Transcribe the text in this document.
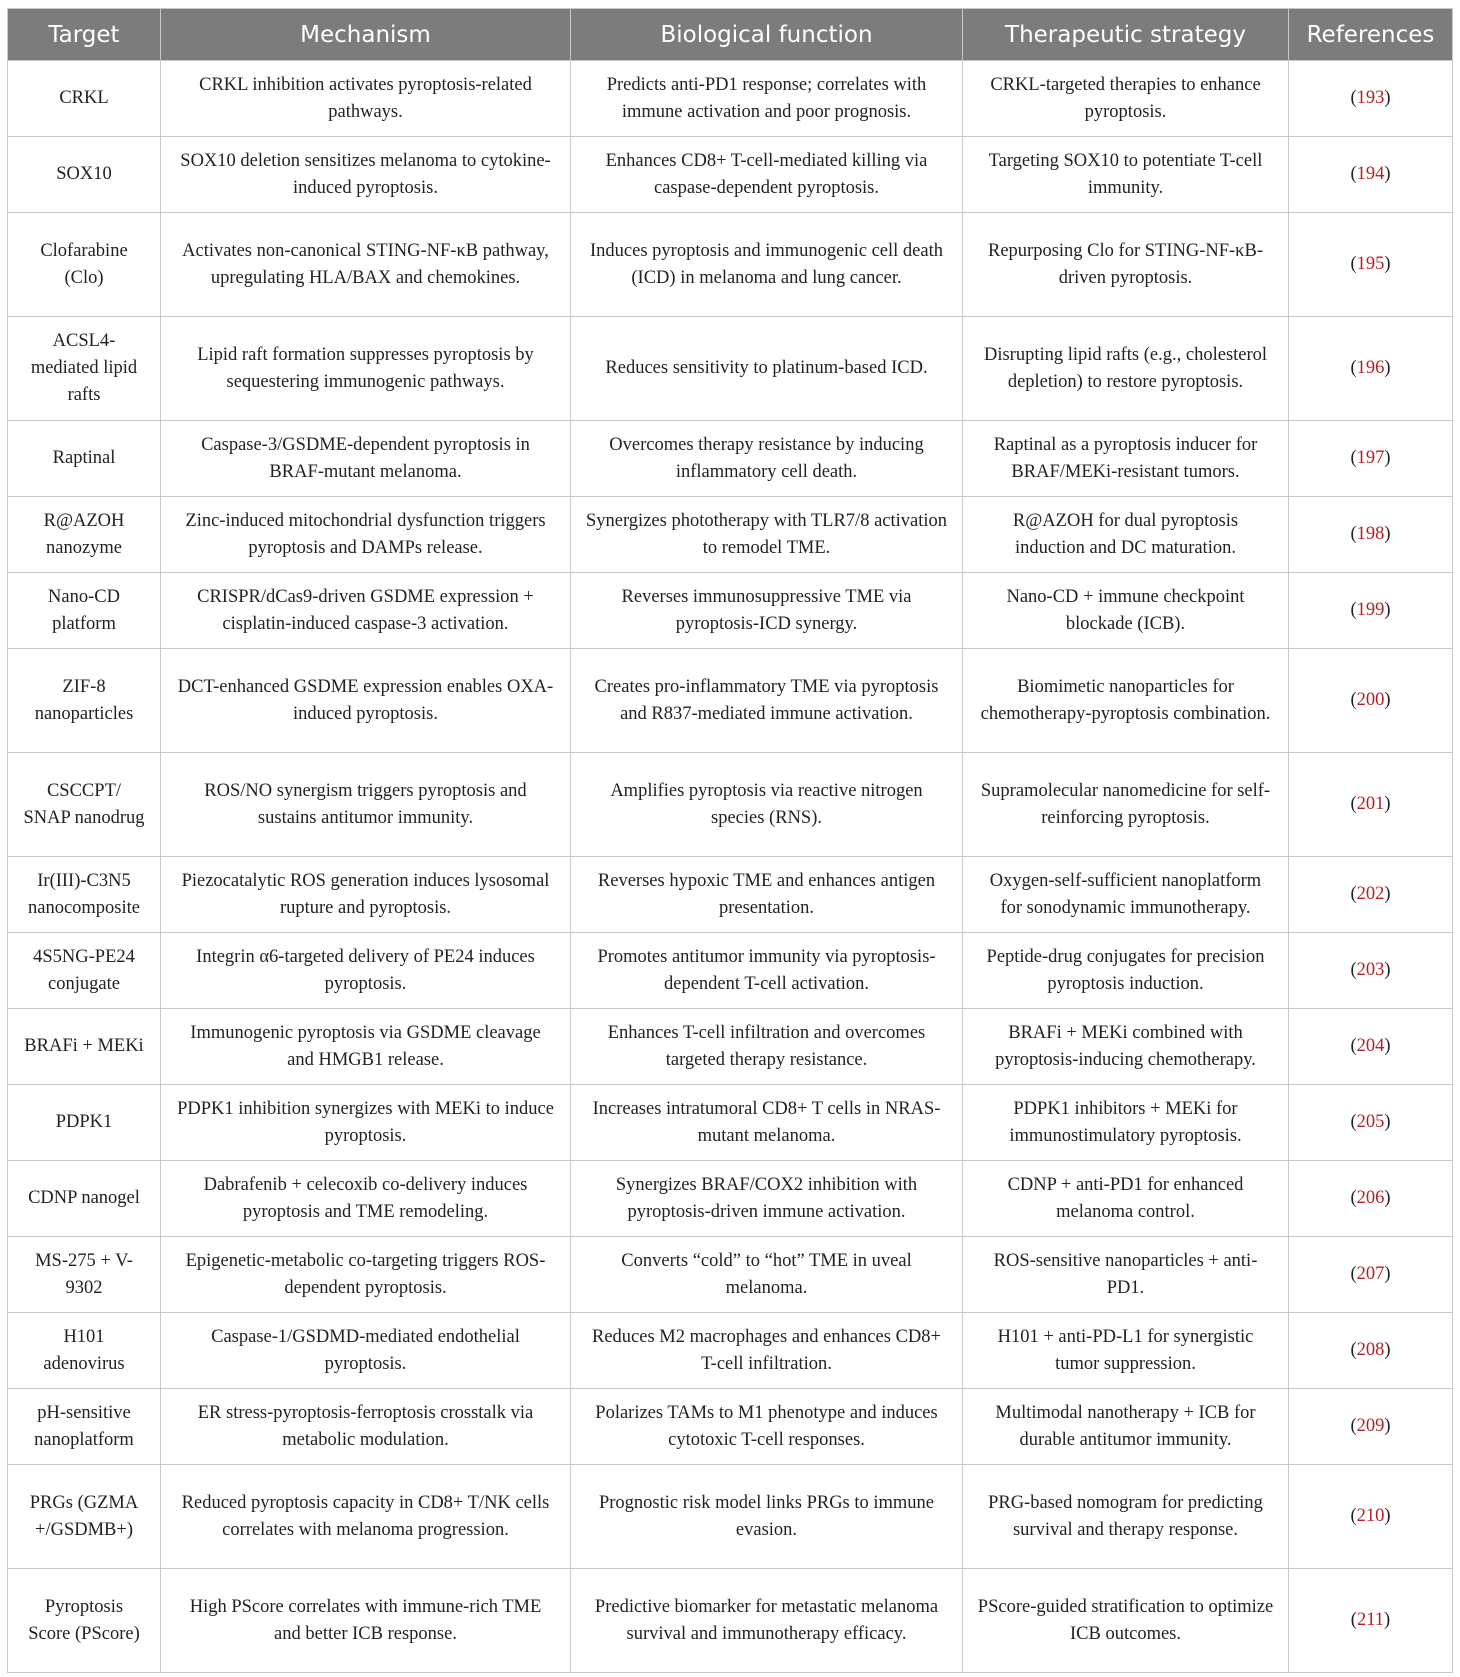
Target	Mechanism	Biological function	Therapeutic strategy	References
CRKL	CRKL inhibition activates pyroptosis-related pathways.	Predicts anti-PD1 response; correlates with immune activation and poor prognosis.	CRKL-targeted therapies to enhance pyroptosis.	(193)
SOX10	SOX10 deletion sensitizes melanoma to cytokine-induced pyroptosis.	Enhances CD8+ T-cell-mediated killing via caspase-dependent pyroptosis.	Targeting SOX10 to potentiate T-cell immunity.	(194)
Clofarabine (Clo)	Activates non-canonical STING-NF-κB pathway, upregulating HLA/BAX and chemokines.	Induces pyroptosis and immunogenic cell death (ICD) in melanoma and lung cancer.	Repurposing Clo for STING-NF-κB-driven pyroptosis.	(195)
ACSL4-mediated lipid rafts	Lipid raft formation suppresses pyroptosis by sequestering immunogenic pathways.	Reduces sensitivity to platinum-based ICD.	Disrupting lipid rafts (e.g., cholesterol depletion) to restore pyroptosis.	(196)
Raptinal	Caspase-3/GSDME-dependent pyroptosis in BRAF-mutant melanoma.	Overcomes therapy resistance by inducing inflammatory cell death.	Raptinal as a pyroptosis inducer for BRAF/MEKi-resistant tumors.	(197)
R@AZOH nanozyme	Zinc-induced mitochondrial dysfunction triggers pyroptosis and DAMPs release.	Synergizes phototherapy with TLR7/8 activation to remodel TME.	R@AZOH for dual pyroptosis induction and DC maturation.	(198)
Nano-CD platform	CRISPR/dCas9-driven GSDME expression + cisplatin-induced caspase-3 activation.	Reverses immunosuppressive TME via pyroptosis-ICD synergy.	Nano-CD + immune checkpoint blockade (ICB).	(199)
ZIF-8 nanoparticles	DCT-enhanced GSDME expression enables OXA-induced pyroptosis.	Creates pro-inflammatory TME via pyroptosis and R837-mediated immune activation.	Biomimetic nanoparticles for chemotherapy-pyroptosis combination.	(200)
CSCCPT/ SNAP nanodrug	ROS/NO synergism triggers pyroptosis and sustains antitumor immunity.	Amplifies pyroptosis via reactive nitrogen species (RNS).	Supramolecular nanomedicine for self-reinforcing pyroptosis.	(201)
Ir(III)-C3N5 nanocomposite	Piezocatalytic ROS generation induces lysosomal rupture and pyroptosis.	Reverses hypoxic TME and enhances antigen presentation.	Oxygen-self-sufficient nanoplatform for sonodynamic immunotherapy.	(202)
4S5NG-PE24 conjugate	Integrin α6-targeted delivery of PE24 induces pyroptosis.	Promotes antitumor immunity via pyroptosis-dependent T-cell activation.	Peptide-drug conjugates for precision pyroptosis induction.	(203)
BRAFi + MEKi	Immunogenic pyroptosis via GSDME cleavage and HMGB1 release.	Enhances T-cell infiltration and overcomes targeted therapy resistance.	BRAFi + MEKi combined with pyroptosis-inducing chemotherapy.	(204)
PDPK1	PDPK1 inhibition synergizes with MEKi to induce pyroptosis.	Increases intratumoral CD8+ T cells in NRAS-mutant melanoma.	PDPK1 inhibitors + MEKi for immunostimulatory pyroptosis.	(205)
CDNP nanogel	Dabrafenib + celecoxib co-delivery induces pyroptosis and TME remodeling.	Synergizes BRAF/COX2 inhibition with pyroptosis-driven immune activation.	CDNP + anti-PD1 for enhanced melanoma control.	(206)
MS-275 + V-9302	Epigenetic-metabolic co-targeting triggers ROS-dependent pyroptosis.	Converts “cold” to “hot” TME in uveal melanoma.	ROS-sensitive nanoparticles + anti-PD1.	(207)
H101 adenovirus	Caspase-1/GSDMD-mediated endothelial pyroptosis.	Reduces M2 macrophages and enhances CD8+ T-cell infiltration.	H101 + anti-PD-L1 for synergistic tumor suppression.	(208)
pH-sensitive nanoplatform	ER stress-pyroptosis-ferroptosis crosstalk via metabolic modulation.	Polarizes TAMs to M1 phenotype and induces cytotoxic T-cell responses.	Multimodal nanotherapy + ICB for durable antitumor immunity.	(209)
PRGs (GZMA +/GSDMB+)	Reduced pyroptosis capacity in CD8+ T/NK cells correlates with melanoma progression.	Prognostic risk model links PRGs to immune evasion.	PRG-based nomogram for predicting survival and therapy response.	(210)
Pyroptosis Score (PScore)	High PScore correlates with immune-rich TME and better ICB response.	Predictive biomarker for metastatic melanoma survival and immunotherapy efficacy.	PScore-guided stratification to optimize ICB outcomes.	(211)
